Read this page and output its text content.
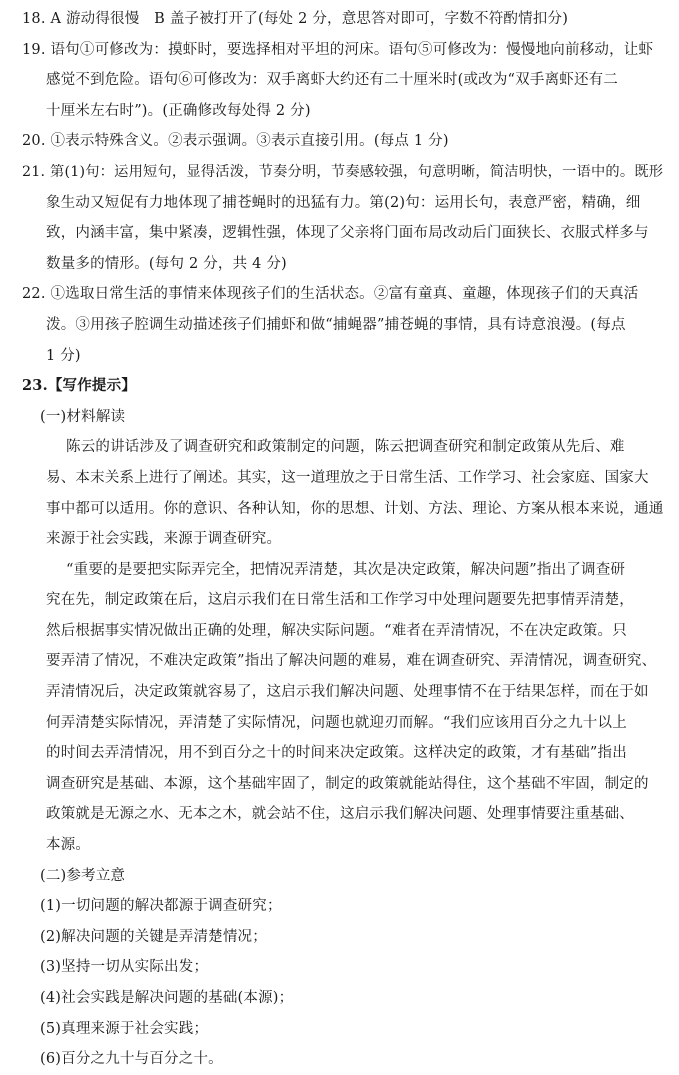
18. A 游动得很慢　B 盖子被打开了(每处 2 分，意思答对即可，字数不符酌情扣分)
19. 语句①可修改为：摸虾时，要选择相对平坦的河床。语句⑤可修改为：慢慢地向前移动，让虾
感觉不到危险。语句⑥可修改为：双手离虾大约还有二十厘米时(或改为“双手离虾还有二
十厘米左右时”)。(正确修改每处得 2 分)
20. ①表示特殊含义。②表示强调。③表示直接引用。(每点 1 分)
21. 第(1)句：运用短句，显得活泼，节奏分明，节奏感较强，句意明晰，简洁明快，一语中的。既形
象生动又短促有力地体现了捕苍蝇时的迅猛有力。第(2)句：运用长句，表意严密，精确，细
致，内涵丰富，集中紧凑，逻辑性强，体现了父亲将门面布局改动后门面狭长、衣服式样多与
数量多的情形。(每句 2 分，共 4 分)
22. ①选取日常生活的事情来体现孩子们的生活状态。②富有童真、童趣，体现孩子们的天真活
泼。③用孩子腔调生动描述孩子们捕虾和做“捕蝇器”捕苍蝇的事情，具有诗意浪漫。(每点
1 分)
23.【写作提示】
(一)材料解读
陈云的讲话涉及了调查研究和政策制定的问题，陈云把调查研究和制定政策从先后、难
易、本末关系上进行了阐述。其实，这一道理放之于日常生活、工作学习、社会家庭、国家大
事中都可以适用。你的意识、各种认知，你的思想、计划、方法、理论、方案从根本来说，通通
来源于社会实践，来源于调查研究。
“重要的是要把实际弄完全，把情况弄清楚，其次是决定政策，解决问题”指出了调查研
究在先，制定政策在后，这启示我们在日常生活和工作学习中处理问题要先把事情弄清楚，
然后根据事实情况做出正确的处理，解决实际问题。“难者在弄清情况，不在决定政策。只
要弄清了情况，不难决定政策”指出了解决问题的难易，难在调查研究、弄清情况，调查研究、
弄清情况后，决定政策就容易了，这启示我们解决问题、处理事情不在于结果怎样，而在于如
何弄清楚实际情况，弄清楚了实际情况，问题也就迎刃而解。“我们应该用百分之九十以上
的时间去弄清情况，用不到百分之十的时间来决定政策。这样决定的政策，才有基础”指出
调查研究是基础、本源，这个基础牢固了，制定的政策就能站得住，这个基础不牢固，制定的
政策就是无源之水、无本之木，就会站不住，这启示我们解决问题、处理事情要注重基础、
本源。
(二)参考立意
(1)一切问题的解决都源于调查研究；
(2)解决问题的关键是弄清楚情况；
(3)坚持一切从实际出发；
(4)社会实践是解决问题的基础(本源)；
(5)真理来源于社会实践；
(6)百分之九十与百分之十。
